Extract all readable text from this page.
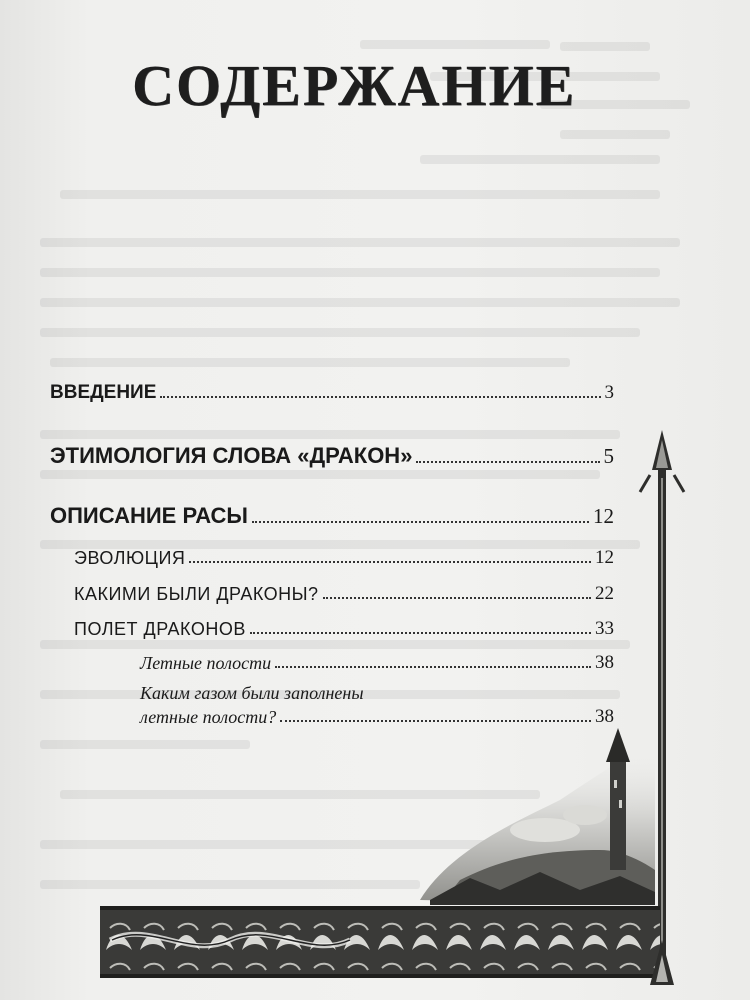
СОДЕРЖАНИЕ
ВВЕДЕНИЕ	3
ЭТИМОЛОГИЯ СЛОВА «ДРАКОН»	5
ОПИСАНИЕ РАСЫ	12
ЭВОЛЮЦИЯ	12
КАКИМИ БЫЛИ ДРАКОНЫ?	22
ПОЛЕТ ДРАКОНОВ	33
Летные полости	38
Каким газом были заполнены
летные полости?	38
